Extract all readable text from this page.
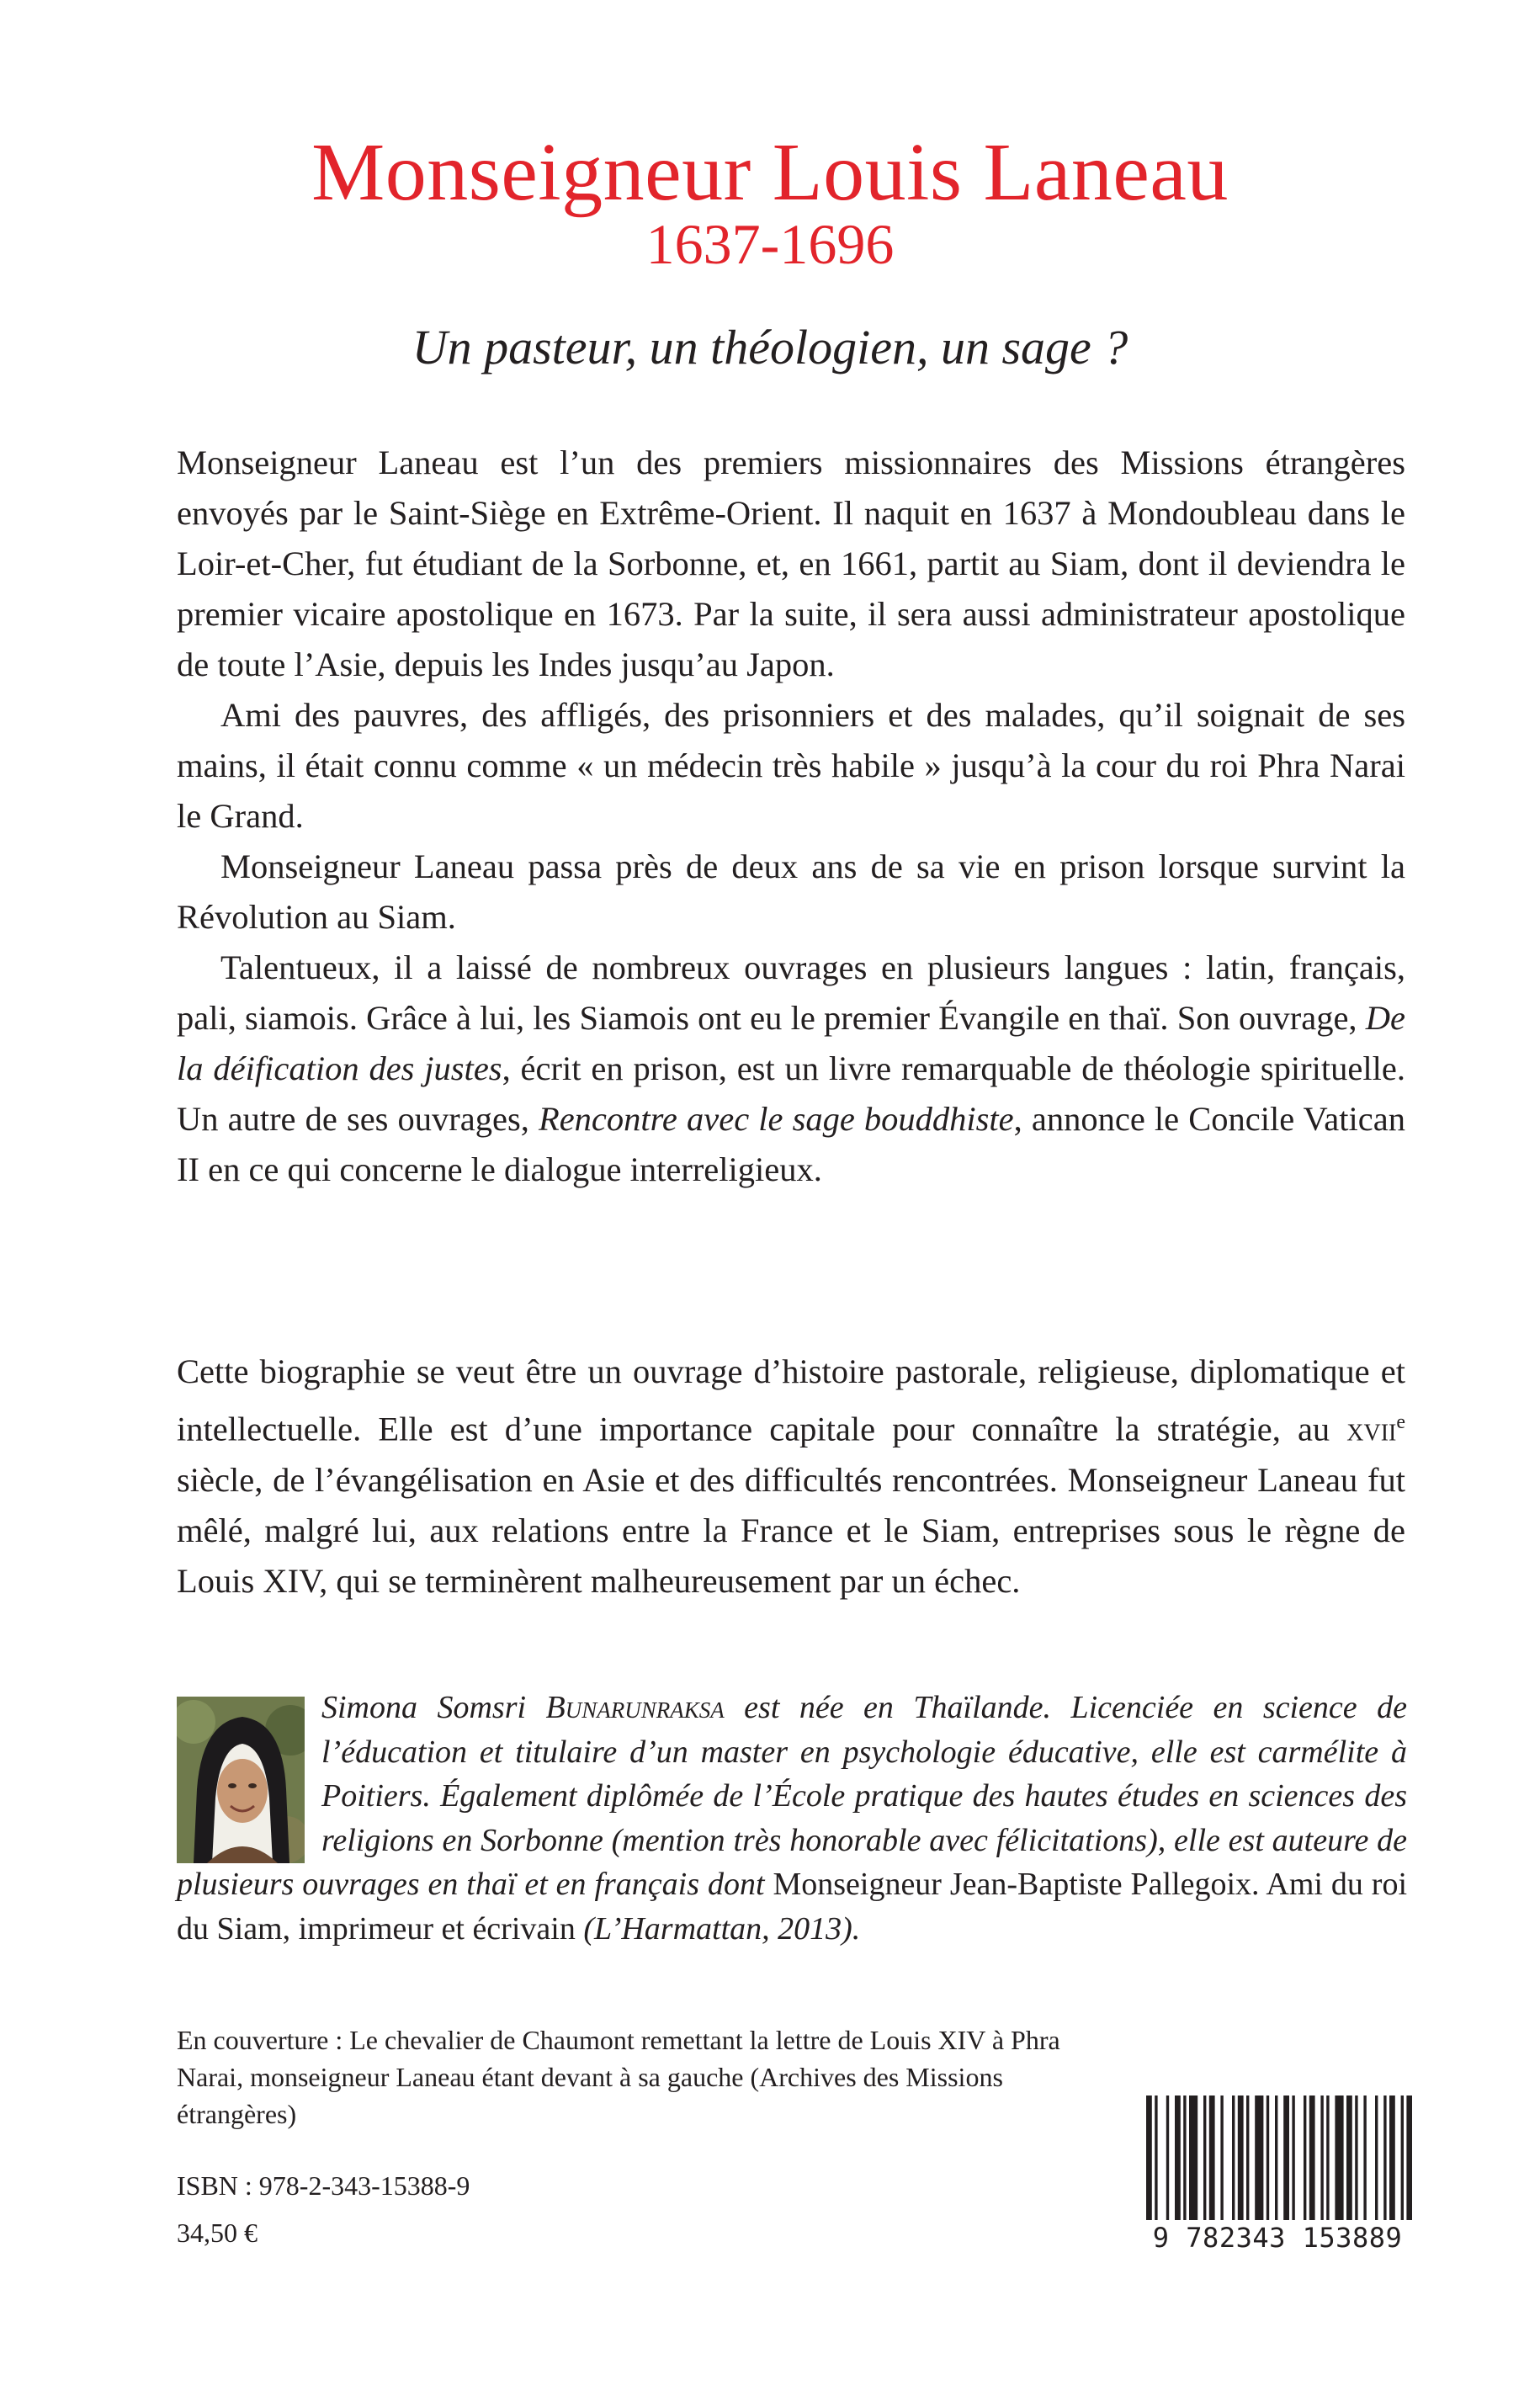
Monseigneur Louis Laneau
1637-1696
Un pasteur, un théologien, un sage ?

Monseigneur Laneau est l’un des premiers missionnaires des Missions étrangères envoyés par le Saint-Siège en Extrême-Orient. Il naquit en 1637 à Mondoubleau dans le Loir-et-Cher, fut étudiant de la Sorbonne, et, en 1661, partit au Siam, dont il deviendra le premier vicaire apostolique en 1673. Par la suite, il sera aussi administrateur apostolique de toute l’Asie, depuis les Indes jusqu’au Japon.

Ami des pauvres, des affligés, des prisonniers et des malades, qu’il soignait de ses mains, il était connu comme « un médecin très habile » jusqu’à la cour du roi Phra Narai le Grand.

Monseigneur Laneau passa près de deux ans de sa vie en prison lorsque survint la Révolution au Siam.

Talentueux, il a laissé de nombreux ouvrages en plusieurs langues : latin, français, pali, siamois. Grâce à lui, les Siamois ont eu le premier Évangile en thaï. Son ouvrage, De la déification des justes, écrit en prison, est un livre remarquable de théologie spirituelle. Un autre de ses ouvrages, Rencontre avec le sage bouddhiste, annonce le Concile Vatican II en ce qui concerne le dialogue interreligieux.

Cette biographie se veut être un ouvrage d’histoire pastorale, religieuse, diplomatique et intellectuelle. Elle est d’une importance capitale pour connaître la stratégie, au xvii$^e$ siècle, de l’évangélisation en Asie et des difficultés rencontrées. Monseigneur Laneau fut mêlé, malgré lui, aux relations entre la France et le Siam, entreprises sous le règne de Louis XIV, qui se terminèrent malheureusement par un échec.

Simona Somsri Bunarunraksa est née en Thaïlande. Licenciée en science de l’éducation et titulaire d’un master en psychologie éducative, elle est carmélite à Poitiers. Également diplômée de l’École pratique des hautes études en sciences des religions en Sorbonne (mention très honorable avec félicitations), elle est auteure de plusieurs ouvrages en thaï et en français dont Monseigneur Jean-Baptiste Pallegoix. Ami du roi du Siam, imprimeur et écrivain (L’Harmattan, 2013).
En couverture : Le chevalier de Chaumont remettant la lettre de Louis XIV à Phra Narai, monseigneur Laneau étant devant à sa gauche (Archives des Missions étrangères)
ISBN : 978-2-343-15388-9
34,50 €	9 782343 153889
